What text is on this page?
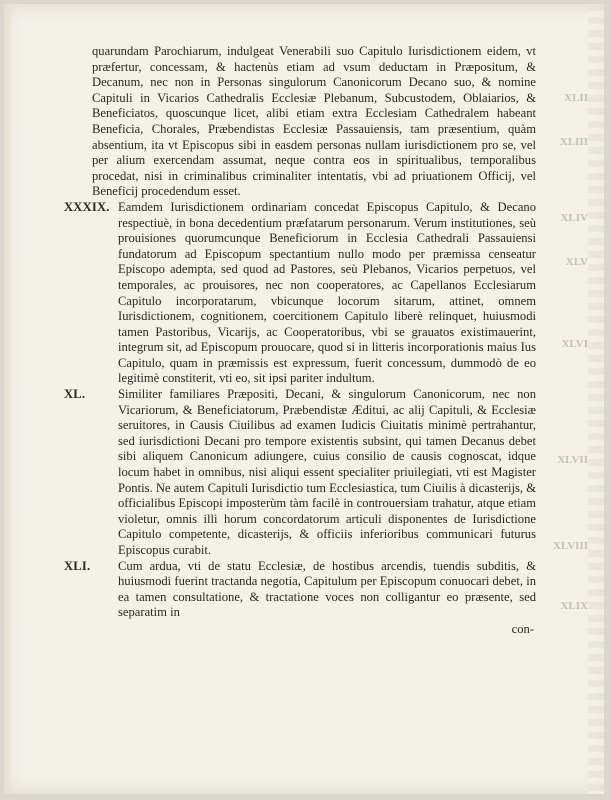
XLII
XLIII
XLIV
XLV
XLVI
XLVII
XLVIII
XLIX
quarundam Parochiarum, indulgeat Venerabili suo Capitulo Iurisdictionem eidem, vt præfertur, concessam, & hactenùs etiam ad vsum deductam in Præpositum, & Decanum, nec non in Personas singulorum Canonicorum Decano suo, & nomine Capituli in Vicarios Cathedralis Ecclesiæ Plebanum, Subcustodem, Oblaiarios, & Beneficiatos, quoscunque licet, alibi etiam extra Ecclesiam Cathedralem habeant Beneficia, Chorales, Præbendistas Ecclesiæ Passauiensis, tam præsentium, quàm absentium, ita vt Episcopus sibi in easdem personas nullam iurisdictionem pro se, vel per alium exercendam assumat, neque contra eos in spiritualibus, temporalibus procedat, nisi in criminalibus criminaliter intentatis, vbi ad priuationem Officij, vel Beneficij procedendum esset.
XXXIX. Eamdem Iurisdictionem ordinariam concedat Episcopus Capitulo, & Decano respectiuè, in bona decedentium præfatarum personarum. Verum institutiones, seù prouisiones quorumcunque Beneficiorum in Ecclesia Cathedrali Passauiensi fundatorum ad Episcopum spectantium nullo modo per præmissa censeatur Episcopo adempta, sed quod ad Pastores, seù Plebanos, Vicarios perpetuos, vel temporales, ac prouisores, nec non cooperatores, ac Capellanos Ecclesiarum Capitulo incorporatarum, vbicunque locorum sitarum, attinet, omnem Iurisdictionem, cognitionem, coercitionem Capitulo liberè relinquet, huiusmodi tamen Pastoribus, Vicarijs, ac Cooperatoribus, vbi se grauatos existimauerint, integrum sit, ad Episcopum prouocare, quod si in litteris incorporationis maius Ius Capitulo, quam in præmissis est expressum, fuerit concessum, dummodò de eo legitimè constiterit, vti eo, sit ipsi pariter indultum.
XL.	Similiter familiares Præpositi, Decani, & singulorum Canonicorum, nec non Vicariorum, & Beneficiatorum, Præbendistæ Æditui, ac alij Capituli, & Ecclesiæ seruitores, in Causis Ciuilibus ad examen Iudicis Ciuitatis minimè pertrahantur, sed iurisdictioni Decani pro tempore existentis subsint, qui tamen Decanus debet sibi aliquem Canonicum adiungere, cuius consilio de causis cognoscat, idque locum habet in omnibus, nisi aliqui essent specialiter priuilegiati, vti est Magister Pontis. Ne autem Capituli Iurisdictio tum Ecclesiastica, tum Ciuilis à dicasterijs, & officialibus Episcopi imposterùm tàm facilè in controuersiam trahatur, atque etiam violetur, omnis illi horum concordatorum articuli disponentes de Iurisdictione Capitulo competente, dicasterijs, & officiis inferioribus communicari futurus Episcopus curabit.
XLI.	Cum ardua, vti de statu Ecclesiæ, de hostibus arcendis, tuendis subditis, & huiusmodi fuerint tractanda negotia, Capitulum per Episcopum conuocari debet, in ea tamen consultatione, & tractatione voces non colligantur eo præsente, sed separatim in
con-
